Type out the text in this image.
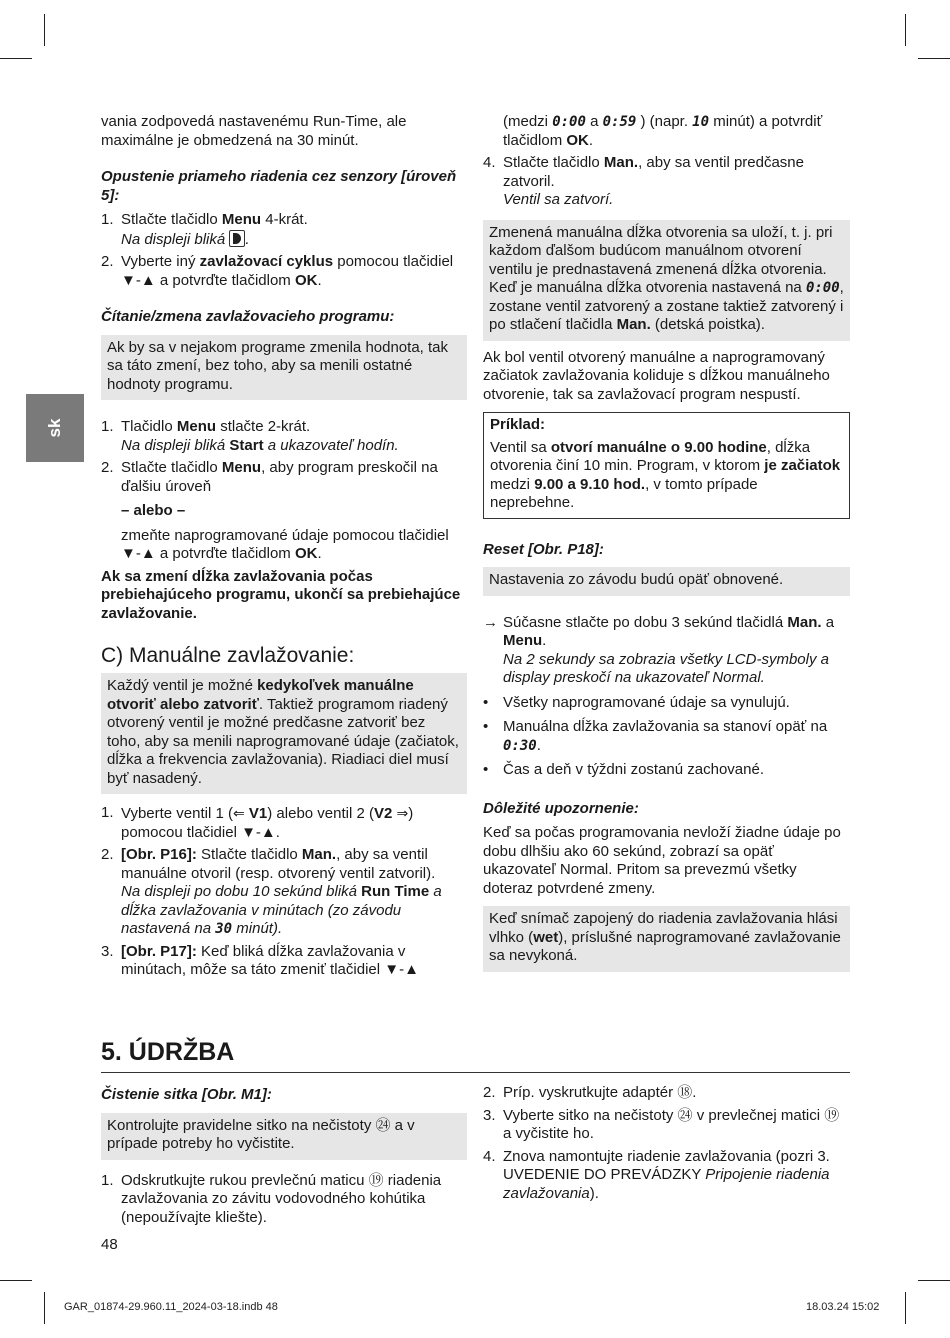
sk

vania zodpovedá nastavenému Run-Time, ale maximálne je obmedzená na 30 minút.

Opustenie priameho riadenia cez senzory [úroveň 5]:

1. Stlačte tlačidlo Menu 4-krát.
Na displeji bliká .
2. Vyberte iný zavlažovací cyklus pomocou tlačidiel ▼-▲ a potvrďte tlačidlom OK.

Čítanie/zmena zavlažovacieho programu:

Ak by sa v nejakom programe zmenila hodnota, tak sa táto zmení, bez toho, aby sa menili ostatné hodnoty programu.
1. Tlačidlo Menu stlačte 2-krát.
Na displeji bliká Start a ukazovateľ hodín.
2. Stlačte tlačidlo Menu, aby program preskočil na ďalšiu úroveň

– alebo –

zmeňte naprogramované údaje pomocou tlačidiel ▼-▲ a potvrďte tlačidlom OK.

Ak sa zmení dĺžka zavlažovania počas prebiehajúceho programu, ukončí sa prebiehajúce zavlažovanie.

C) Manuálne zavlažovanie:

Každý ventil je možné kedykoľvek manuálne otvoriť alebo zatvoriť. Taktiež programom riadený otvorený ventil je možné predčasne zatvoriť bez toho, aby sa menili naprogramované údaje (začiatok, dĺžka a frekvencia zavlažovania). Riadiaci diel musí byť nasadený.
1. Vyberte ventil 1 (⇐ V1) alebo ventil 2 (V2 ⇒) pomocou tlačidiel ▼-▲.
2. [Obr. P16]: Stlačte tlačidlo Man., aby sa ventil manuálne otvoril (resp. otvorený ventil zatvoril).
Na displeji po dobu 10 sekúnd bliká Run Time a dĺžka zavlažovania v minútach (zo závodu nastavená na 30 minút).
3. [Obr. P17]: Keď bliká dĺžka zavlažovania v minútach, môže sa táto zmeniť tlačidiel ▼-▲

(medzi 0:00 a 0:59 ) (napr. 10 minút) a potvrdiť tlačidlom OK.

4. Stlačte tlačidlo Man., aby sa ventil predčasne zatvoril.
Ventil sa zatvorí.
Zmenená manuálna dĺžka otvorenia sa uloží, t. j. pri každom ďalšom budúcom manuálnom otvorení ventilu je prednastavená zmenená dĺžka otvorenia. Keď je manuálna dĺžka otvorenia nastavená na 0:00, zostane ventil zatvorený a zostane taktiež zatvorený i po stlačení tlačidla Man. (detská poistka).

Ak bol ventil otvorený manuálne a naprogramovaný začiatok zavlažovania koliduje s dĺžkou manuálneho otvorenie, tak sa zavlažovací program nespustí.

Príklad:

Ventil sa otvorí manuálne o 9.00 hodine, dĺžka otvorenia činí 10 min. Program, v ktorom je začiatok medzi 9.00 a 9.10 hod., v tomto prípade neprebehne.

Reset [Obr. P18]:

Nastavenia zo závodu budú opäť obnovené.
→ Súčasne stlačte po dobu 3 sekúnd tlačidlá Man. a Menu.
Na 2 sekundy sa zobrazia všetky LCD-symboly a display preskočí na ukazovateľ Normal.
• Všetky naprogramované údaje sa vynulujú.
• Manuálna dĺžka zavlažovania sa stanoví opäť na 0:30.
• Čas a deň v týždni zostanú zachované.

Dôležité upozornenie:

Keď sa počas programovania nevloží žiadne údaje po dobu dlhšiu ako 60 sekúnd, zobrazí sa opäť ukazovateľ Normal. Pritom sa prevezmú všetky doteraz potvrdené zmeny.

Keď snímač zapojený do riadenia zavlažovania hlási vlhko (wet), príslušné naprogramované zavlažovanie sa nevykoná.
5. ÚDRŽBA

Čistenie sitka [Obr. M1]:

Kontrolujte pravidelne sitko na nečistoty ㉔ a v prípade potreby ho vyčistite.
1. Odskrutkujte rukou prevlečnú maticu ⑲ riadenia zavlažovania zo závitu vodovodného kohútika (nepoužívajte kliešte).
2. Príp. vyskrutkujte adaptér ⑱.
3. Vyberte sitko na nečistoty ㉔ v prevlečnej matici ⑲ a vyčistite ho.
4. Znova namontujte riadenie zavlažovania (pozri 3. UVEDENIE DO PREVÁDZKY Pripojenie riadenia zavlažovania).
48
GAR_01874-29.960.11_2024-03-18.indb 48	18.03.24 15:02
